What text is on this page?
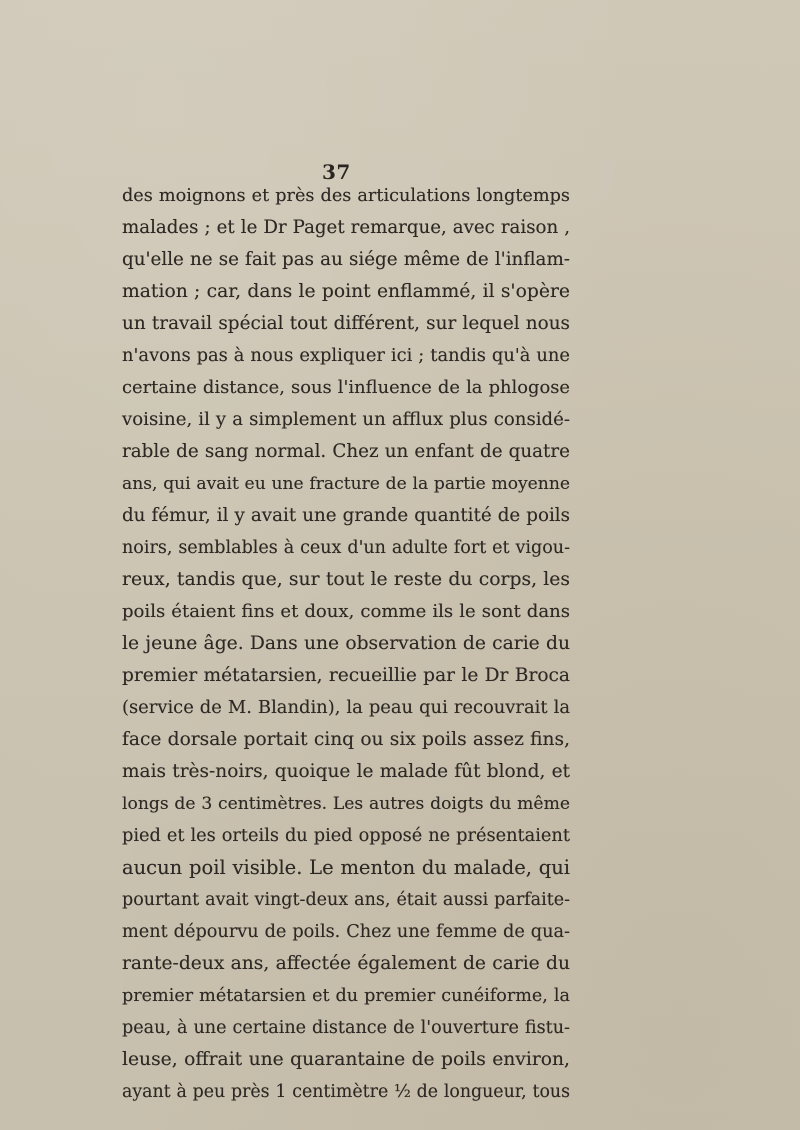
37
des moignons et près des articulations longtemps
malades ; et le Dr Paget remarque, avec raison ,
qu'elle ne se fait pas au siége même de l'inflam-
mation ; car, dans le point enflammé, il s'opère
un travail spécial tout différent, sur lequel nous
n'avons pas à nous expliquer ici ; tandis qu'à une
certaine distance, sous l'influence de la phlogose
voisine, il y a simplement un afflux plus considé-
rable de sang normal. Chez un enfant de quatre
ans, qui avait eu une fracture de la partie moyenne
du fémur, il y avait une grande quantité de poils
noirs, semblables à ceux d'un adulte fort et vigou-
reux, tandis que, sur tout le reste du corps, les
poils étaient fins et doux, comme ils le sont dans
le jeune âge. Dans une observation de carie du
premier métatarsien, recueillie par le Dr Broca
(service de M. Blandin), la peau qui recouvrait la
face dorsale portait cinq ou six poils assez fins,
mais très-noirs, quoique le malade fût blond, et
longs de 3 centimètres. Les autres doigts du même
pied et les orteils du pied opposé ne présentaient
aucun poil visible. Le menton du malade, qui
pourtant avait vingt-deux ans, était aussi parfaite-
ment dépourvu de poils. Chez une femme de qua-
rante-deux ans, affectée également de carie du
premier métatarsien et du premier cunéiforme, la
peau, à une certaine distance de l'ouverture fistu-
leuse, offrait une quarantaine de poils environ,
ayant à peu près 1 centimètre ½ de longueur, tous
